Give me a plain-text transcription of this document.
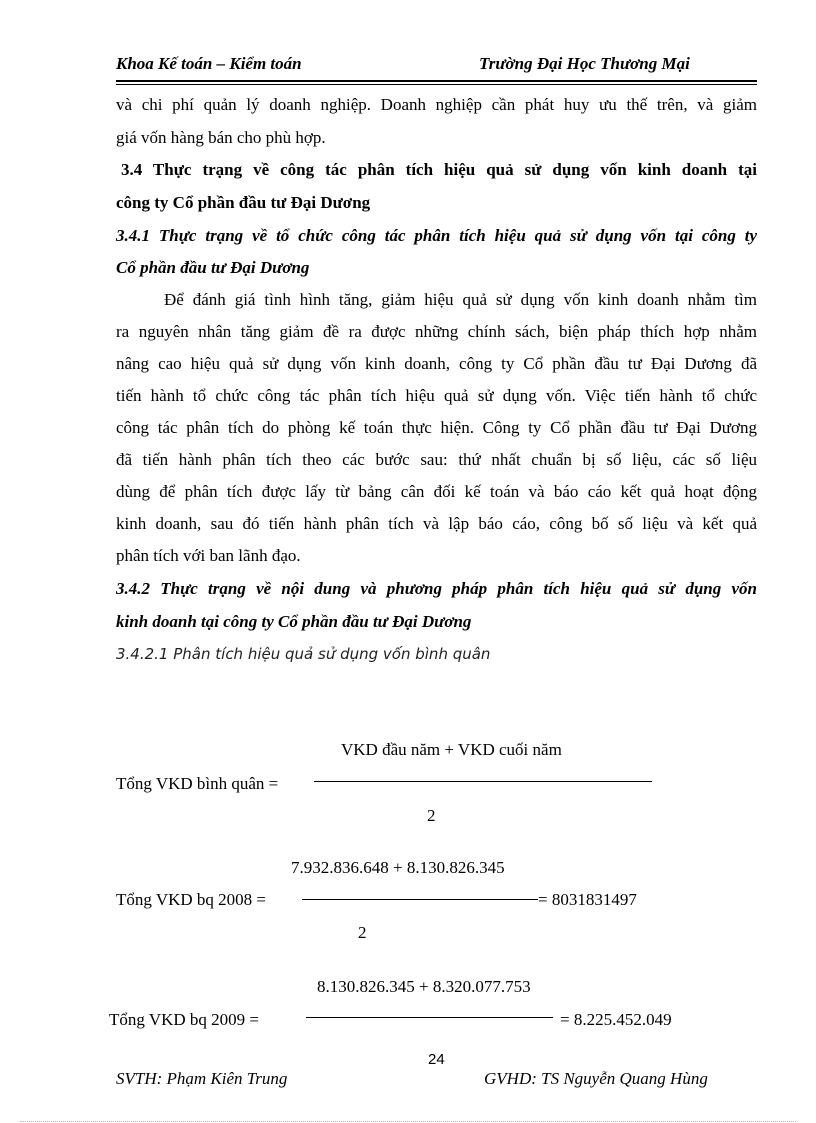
Khoa Kế toán – Kiểm toán	Trường Đại Học Thương Mại
và chi phí quản lý doanh nghiệp. Doanh nghiệp cần phát huy ưu thế trên, và giảm
giá vốn hàng bán cho phù hợp.
3.4 Thực trạng về công tác phân tích hiệu quả sử dụng vốn kinh doanh tại
công ty Cổ phần đầu tư Đại Dương
3.4.1 Thực trạng về tổ chức công tác phân tích hiệu quả sử dụng vốn tại công ty
Cổ phần đầu tư Đại Dương
Để đánh giá tình hình tăng, giảm hiệu quả sử dụng vốn kinh doanh nhằm tìm
ra nguyên nhân tăng giảm đề ra được những chính sách, biện pháp thích hợp nhằm
nâng cao hiệu quả sử dụng vốn kinh doanh, công ty Cổ phần đầu tư Đại Dương đã
tiến hành tổ chức công tác phân tích hiệu quả sử dụng vốn. Việc tiến hành tổ chức
công tác phân tích do phòng kế toán thực hiện. Công ty Cổ phần đầu tư Đại Dương
đã tiến hành phân tích theo các bước sau: thứ nhất chuẩn bị số liệu, các số liệu
dùng để phân tích được lấy từ bảng cân đối kế toán và báo cáo kết quả hoạt động
kinh doanh, sau đó tiến hành phân tích và lập báo cáo, công bố số liệu và kết quả
phân tích với ban lãnh đạo.
3.4.2 Thực trạng về nội dung và phương pháp phân tích hiệu quả sử dụng vốn
kinh doanh tại công ty Cổ phần đầu tư Đại Dương
3.4.2.1 Phân tích hiệu quả sử dụng vốn bình quân
VKD đầu năm + VKD cuối năm
Tổng VKD bình quân =
2
7.932.836.648 + 8.130.826.345
Tổng VKD bq 2008 =	= 8031831497
2
8.130.826.345 + 8.320.077.753
Tổng VKD bq 2009 =	= 8.225.452.049
24
SVTH: Phạm Kiên Trung	GVHD: TS Nguyễn Quang Hùng
